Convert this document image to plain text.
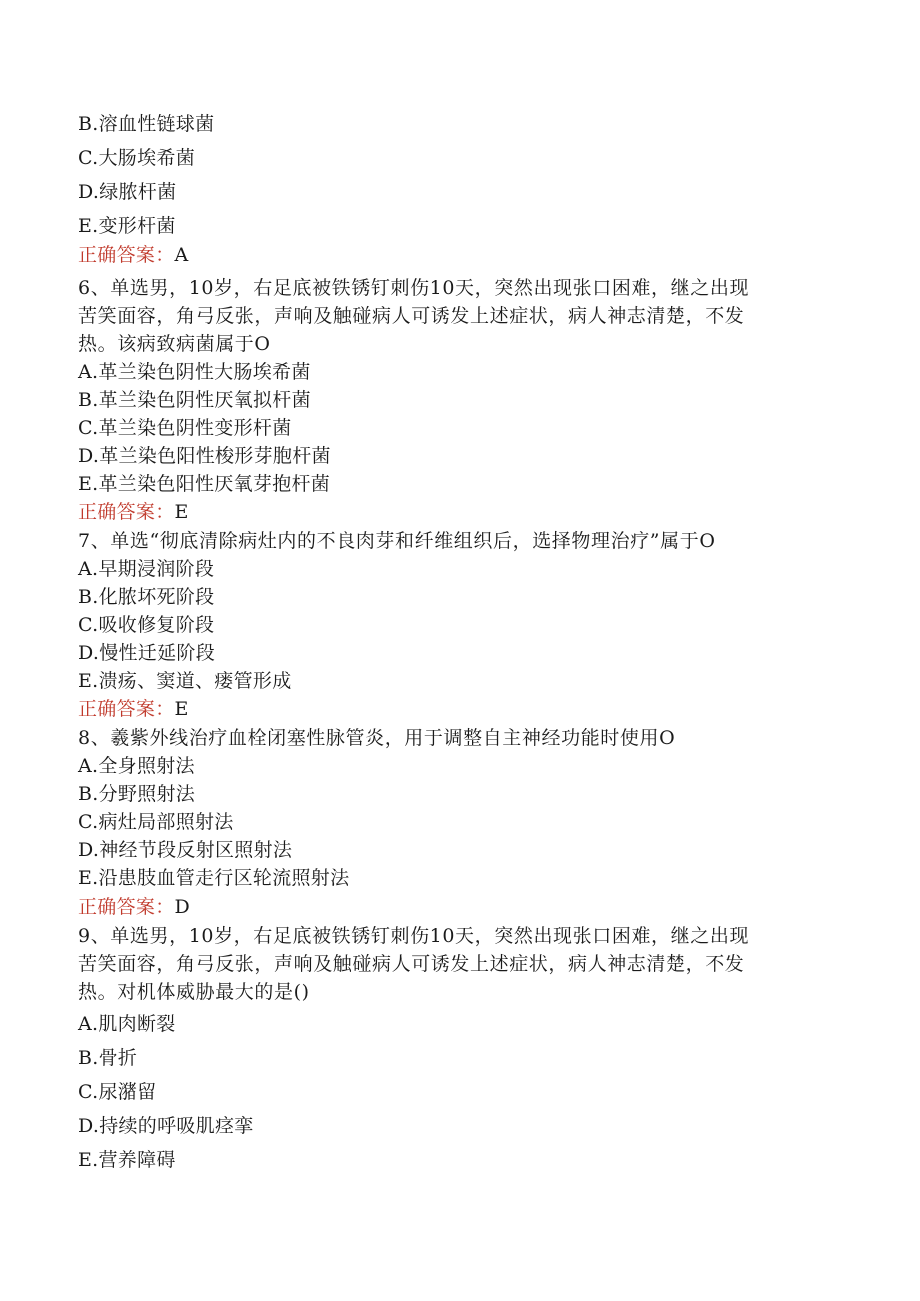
B.溶血性链球菌
C.大肠埃希菌
D.绿脓杆菌
E.变形杆菌
正确答案：A
6、单选男，10岁，右足底被铁锈钉刺伤10天，突然出现张口困难，继之出现
苦笑面容，角弓反张，声响及触碰病人可诱发上述症状，病人神志清楚，不发
热。该病致病菌属于O
A.革兰染色阴性大肠埃希菌
B.革兰染色阴性厌氧拟杆菌
C.革兰染色阴性变形杆菌
D.革兰染色阳性梭形芽胞杆菌
E.革兰染色阳性厌氧芽抱杆菌
正确答案：E
7、单选“彻底清除病灶内的不良肉芽和纤维组织后，选择物理治疗”属于O
A.早期浸润阶段
B.化脓坏死阶段
C.吸收修复阶段
D.慢性迁延阶段
E.溃疡、窦道、瘘管形成
正确答案：E
8、羲紫外线治疗血栓闭塞性脉管炎，用于调整自主神经功能时使用O
A.全身照射法
B.分野照射法
C.病灶局部照射法
D.神经节段反射区照射法
E.沿患肢血管走行区轮流照射法
正确答案：D
9、单选男，10岁，右足底被铁锈钉刺伤10天，突然出现张口困难，继之出现
苦笑面容，角弓反张，声响及触碰病人可诱发上述症状，病人神志清楚，不发
热。对机体威胁最大的是()
A.肌肉断裂
B.骨折
C.尿潴留
D.持续的呼吸肌痉挛
E.营养障碍
